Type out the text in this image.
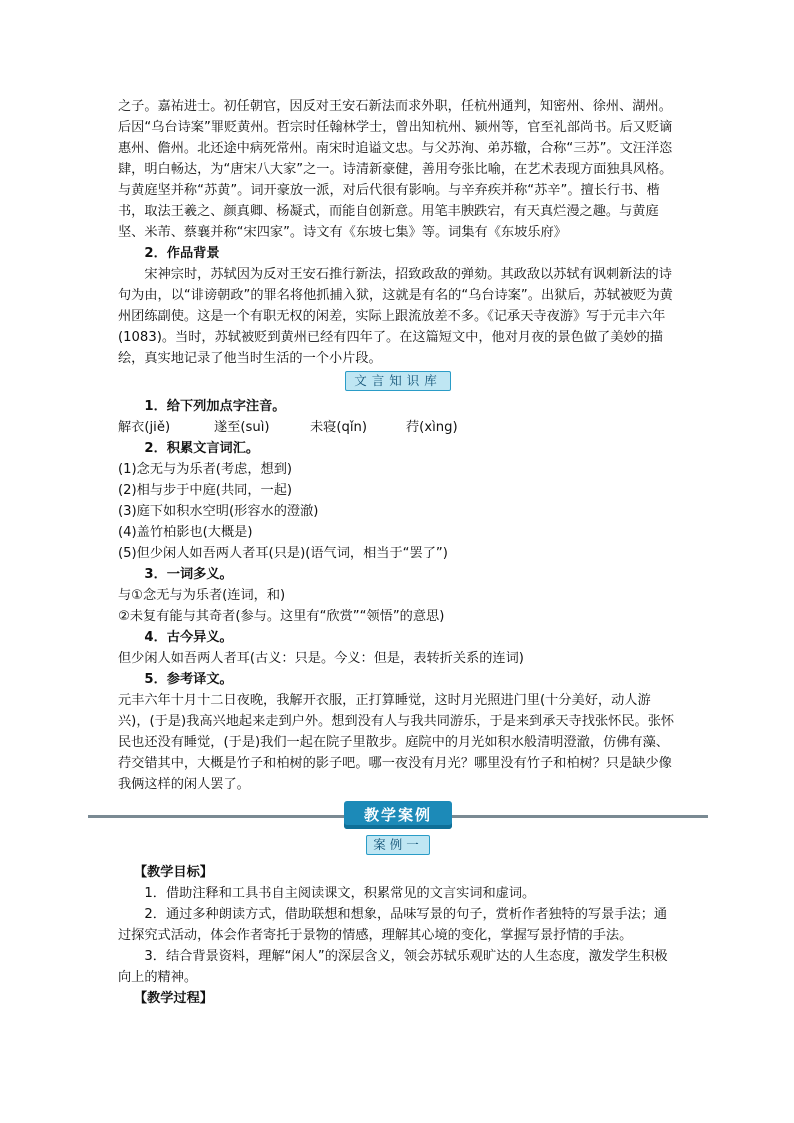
之子。嘉祐进士。初任朝官，因反对王安石新法而求外职，任杭州通判，知密州、徐州、湖州。后因“乌台诗案”罪贬黄州。哲宗时任翰林学士，曾出知杭州、颍州等，官至礼部尚书。后又贬谪惠州、儋州。北还途中病死常州。南宋时追谥文忠。与父苏洵、弟苏辙，合称“三苏”。文汪洋恣肆，明白畅达，为“唐宋八大家”之一。诗清新豪健，善用夸张比喻，在艺术表现方面独具风格。与黄庭坚并称“苏黄”。词开豪放一派，对后代很有影响。与辛弃疾并称“苏辛”。擅长行书、楷书，取法王羲之、颜真卿、杨凝式，而能自创新意。用笔丰腴跌宕，有天真烂漫之趣。与黄庭坚、米芾、蔡襄并称“宋四家”。诗文有《东坡七集》等。词集有《东坡乐府》

2．作品背景

宋神宗时，苏轼因为反对王安石推行新法，招致政敌的弹劾。其政敌以苏轼有讽刺新法的诗句为由，以“诽谤朝政”的罪名将他抓捕入狱，这就是有名的“乌台诗案”。出狱后，苏轼被贬为黄州团练副使。这是一个有职无权的闲差，实际上跟流放差不多。《记承天寺夜游》写于元丰六年(1083)。当时，苏轼被贬到黄州已经有四年了。在这篇短文中，他对月夜的景色做了美妙的描绘，真实地记录了他当时生活的一个小片段。

文言知识库

1．给下列加点字注音。

解衣(jiě)	遂至(suì)	未寝(qǐn)	荇(xìng)

2．积累文言词汇。

(1)念无与为乐者(考虑，想到)

(2)相与步于中庭(共同，一起)

(3)庭下如积水空明(形容水的澄澈)

(4)盖竹柏影也(大概是)

(5)但少闲人如吾两人者耳(只是)(语气词，相当于“罢了”)

3．一词多义。

与①念无与为乐者(连词，和)

②未复有能与其奇者(参与。这里有“欣赏”“领悟”的意思)

4．古今异义。

但少闲人如吾两人者耳(古义：只是。今义：但是，表转折关系的连词)

5．参考译文。

元丰六年十月十二日夜晚，我解开衣服，正打算睡觉，这时月光照进门里(十分美好，动人游兴)，(于是)我高兴地起来走到户外。想到没有人与我共同游乐，于是来到承天寺找张怀民。张怀民也还没有睡觉，(于是)我们一起在院子里散步。庭院中的月光如积水般清明澄澈，仿佛有藻、荇交错其中，大概是竹子和柏树的影子吧。哪一夜没有月光？哪里没有竹子和柏树？只是缺少像我俩这样的闲人罢了。

教学案例
案例一

【教学目标】

1．借助注释和工具书自主阅读课文，积累常见的文言实词和虚词。

2．通过多种朗读方式，借助联想和想象，品味写景的句子，赏析作者独特的写景手法；通过探究式活动，体会作者寄托于景物的情感，理解其心境的变化，掌握写景抒情的手法。

3．结合背景资料，理解“闲人”的深层含义，领会苏轼乐观旷达的人生态度，激发学生积极向上的精神。

【教学过程】
